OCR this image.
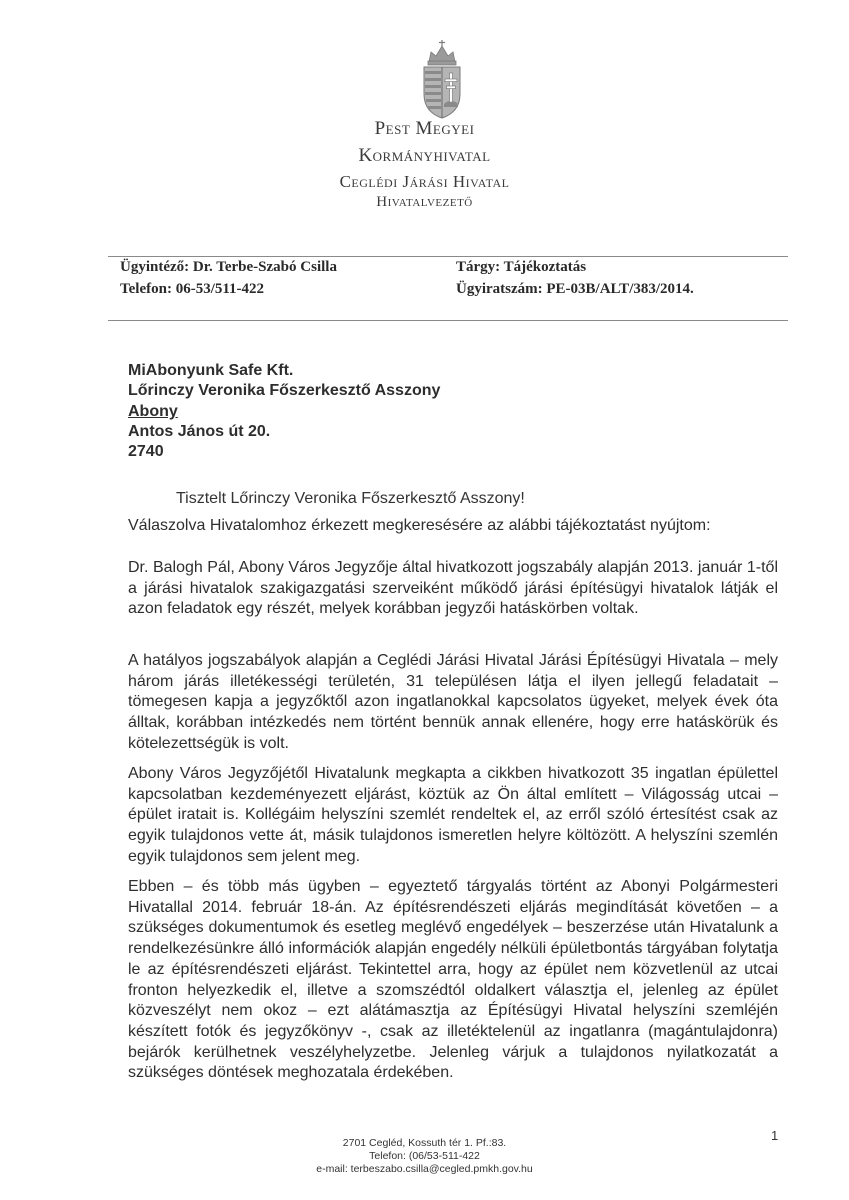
Pest Megyei
Kormányhivatal
Ceglédi Járási Hivatal
Hivatalvezető
Ügyintéző: Dr. Terbe-Szabó Csilla
Telefon: 06-53/511-422
Tárgy: Tájékoztatás
Ügyiratszám: PE-03B/ALT/383/2014.
MiAbonyunk Safe Kft.
Lőrinczy Veronika Főszerkesztő Asszony
Abony
Antos János út 20.
2740
Tisztelt Lőrinczy Veronika Főszerkesztő Asszony!
Válaszolva Hivatalomhoz érkezett megkeresésére az alábbi tájékoztatást nyújtom:
Dr. Balogh Pál, Abony Város Jegyzője által hivatkozott jogszabály alapján 2013. január 1-től a járási hivatalok szakigazgatási szerveiként működő járási építésügyi hivatalok látják el azon feladatok egy részét, melyek korábban jegyzői hatáskörben voltak.
A hatályos jogszabályok alapján a Ceglédi Járási Hivatal Járási Építésügyi Hivatala – mely három járás illetékességi területén, 31 településen látja el ilyen jellegű feladatait – tömegesen kapja a jegyzőktől azon ingatlanokkal kapcsolatos ügyeket, melyek évek óta álltak, korábban intézkedés nem történt bennük annak ellenére, hogy erre hatáskörük és kötelezettségük is volt.
Abony Város Jegyzőjétől Hivatalunk megkapta a cikkben hivatkozott 35 ingatlan épülettel kapcsolatban kezdeményezett eljárást, köztük az Ön által említett – Világosság utcai – épület iratait is. Kollégáim helyszíni szemlét rendeltek el, az erről szóló értesítést csak az egyik tulajdonos vette át, másik tulajdonos ismeretlen helyre költözött. A helyszíni szemlén egyik tulajdonos sem jelent meg.
Ebben – és több más ügyben – egyeztető tárgyalás történt az Abonyi Polgármesteri Hivatallal 2014. február 18-án. Az építésrendészeti eljárás megindítását követően – a szükséges dokumentumok és esetleg meglévő engedélyek – beszerzése után Hivatalunk a rendelkezésünkre álló információk alapján engedély nélküli épületbontás tárgyában folytatja le az építésrendészeti eljárást. Tekintettel arra, hogy az épület nem közvetlenül az utcai fronton helyezkedik el, illetve a szomszédtól oldalkert választja el, jelenleg az épület közveszélyt nem okoz – ezt alátámasztja az Építésügyi Hivatal helyszíni szemléjén készített fotók és jegyzőkönyv -, csak az illetéktelenül az ingatlanra (magántulajdonra) bejárók kerülhetnek veszélyhelyzetbe. Jelenleg várjuk a tulajdonos nyilatkozatát a szükséges döntések meghozatala érdekében.
1
2701 Cegléd, Kossuth tér 1. Pf.:83.
Telefon: (06/53-511-422
e-mail: terbeszabo.csilla@cegled.pmkh.gov.hu
